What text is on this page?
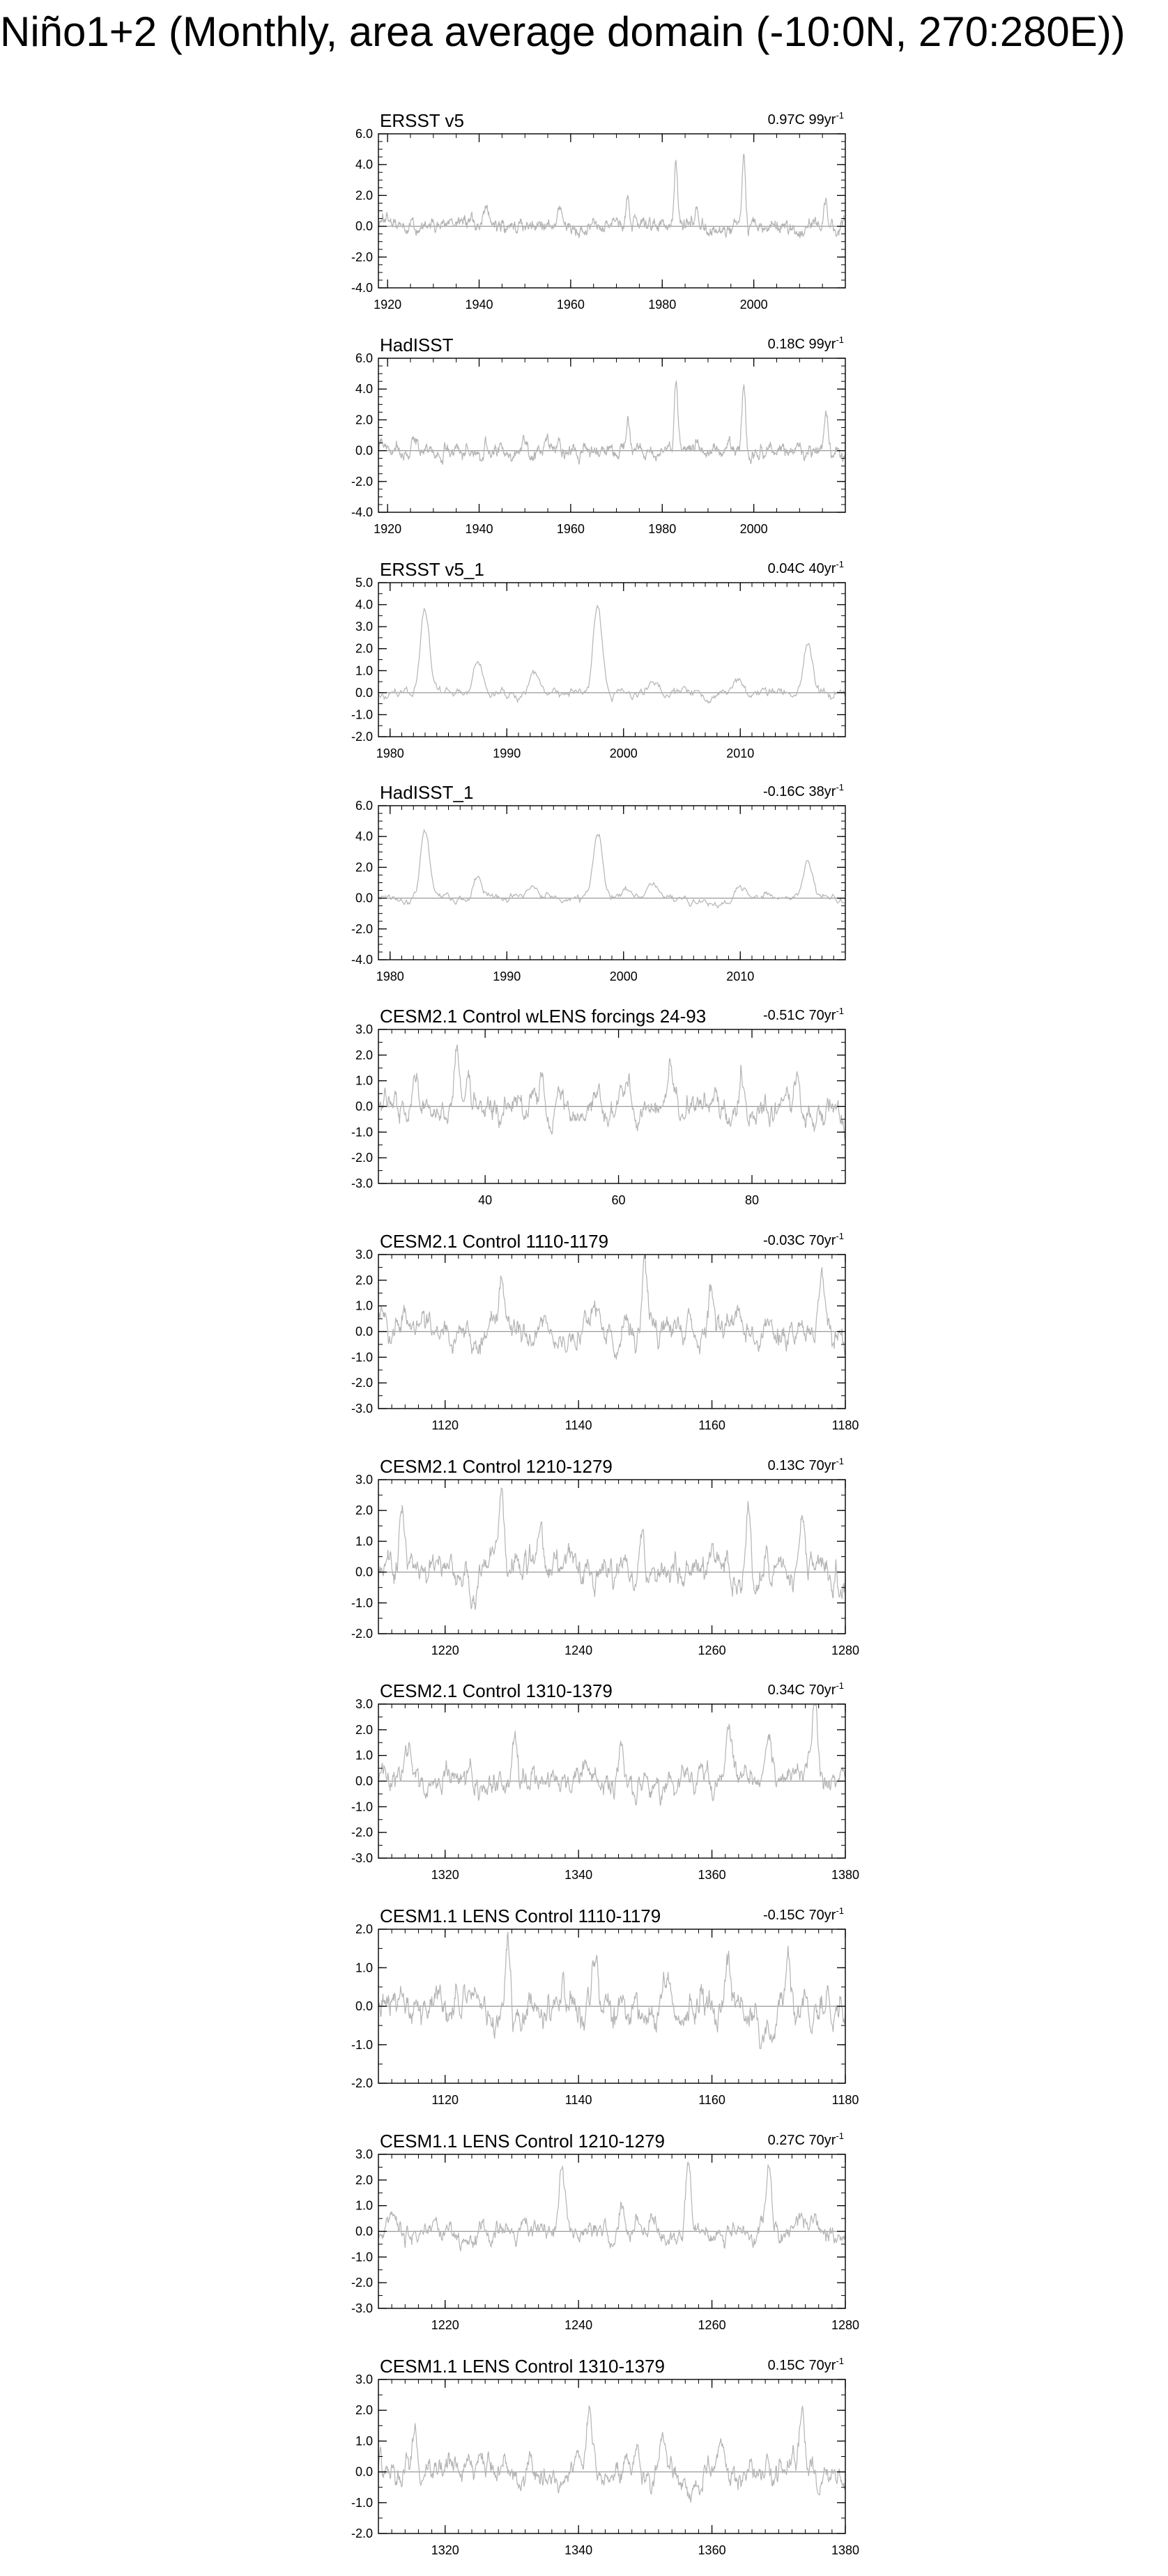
Niño1+2 (Monthly, area average domain (-10:0N, 270:280E))
ERSST v5	0.97C $99yr^{-1}$
1920	1940	1960	1980	2000
-4.0
-2.0
0.0
2.0
4.0
6.0
HadISST	0.18C $99yr^{-1}$
1920	1940	1960	1980	2000
-4.0
-2.0
0.0
2.0
4.0
6.0
ERSST v5_1	0.04C $40yr^{-1}$
1980	1990	2000	2010
-2.0
-1.0
0.0
1.0
2.0
3.0
4.0
5.0
HadISST_1	-0.16C $38yr^{-1}$
1980	1990	2000	2010
-4.0
-2.0
0.0
2.0
4.0
6.0
CESM2.1 Control wLENS forcings 24-93	-0.51C $70yr^{-1}$
40	60	80
-3.0
-2.0
-1.0
0.0
1.0
2.0
3.0
CESM2.1 Control 1110-1179	-0.03C $70yr^{-1}$
1120	1140	1160	1180
-3.0
-2.0
-1.0
0.0
1.0
2.0
3.0
CESM2.1 Control 1210-1279	0.13C $70yr^{-1}$
1220	1240	1260	1280
-2.0
-1.0
0.0
1.0
2.0
3.0
CESM2.1 Control 1310-1379	0.34C $70yr^{-1}$
1320	1340	1360	1380
-3.0
-2.0
-1.0
0.0
1.0
2.0
3.0
CESM1.1 LENS Control 1110-1179	-0.15C $70yr^{-1}$
1120	1140	1160	1180
-2.0
-1.0
0.0
1.0
2.0
CESM1.1 LENS Control 1210-1279	0.27C $70yr^{-1}$
1220	1240	1260	1280
-3.0
-2.0
-1.0
0.0
1.0
2.0
3.0
CESM1.1 LENS Control 1310-1379	0.15C $70yr^{-1}$
1320	1340	1360	1380
-2.0
-1.0
0.0
1.0
2.0
3.0
